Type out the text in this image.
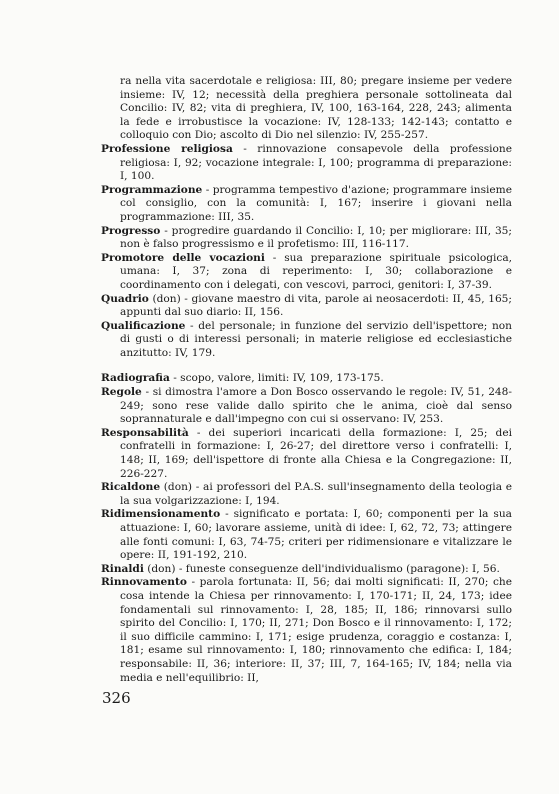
ra nella vita sacerdotale e religiosa: III, 80; pregare insieme per vedere insieme: IV, 12; necessità della preghiera personale sottolineata dal Concilio: IV, 82; vita di preghiera, IV, 100, 163-164, 228, 243; alimenta la fede e irrobustisce la vocazione: IV, 128-133; 142-143; contatto e colloquio con Dio; ascolto di Dio nel silenzio: IV, 255-257.

Professione religiosa - rinnovazione consapevole della professione religiosa: I, 92; vocazione integrale: I, 100; programma di preparazione: I, 100.

Programmazione - programma tempestivo d'azione; programmare insieme col consiglio, con la comunità: I, 167; inserire i giovani nella programmazione: III, 35.

Progresso - progredire guardando il Concilio: I, 10; per migliorare: III, 35; non è falso progressismo e il profetismo: III, 116-117.

Promotore delle vocazioni - sua preparazione spirituale psicologica, umana: I, 37; zona di reperimento: I, 30; collaborazione e coordinamento con i delegati, con vescovi, parroci, genitori: I, 37-39.

Quadrio (don) - giovane maestro di vita, parole ai neosacerdoti: II, 45, 165; appunti dal suo diario: II, 156.

Qualificazione - del personale; in funzione del servizio dell'ispettore; non di gusti o di interessi personali; in materie religiose ed ecclesiastiche anzitutto: IV, 179.

Radiografia - scopo, valore, limiti: IV, 109, 173-175.

Regole - si dimostra l'amore a Don Bosco osservando le regole: IV, 51, 248-249; sono rese valide dallo spirito che le anima, cioè dal senso soprannaturale e dall'impegno con cui si osservano: IV, 253.

Responsabilità - dei superiori incaricati della formazione: I, 25; dei confratelli in formazione: I, 26-27; del direttore verso i confratelli: I, 148; II, 169; dell'ispettore di fronte alla Chiesa e la Congregazione: II, 226-227.

Ricaldone (don) - ai professori del P.A.S. sull'insegnamento della teologia e la sua volgarizzazione: I, 194.

Ridimensionamento - significato e portata: I, 60; componenti per la sua attuazione: I, 60; lavorare assieme, unità di idee: I, 62, 72, 73; attingere alle fonti comuni: I, 63, 74-75; criteri per ridimensionare e vitalizzare le opere: II, 191-192, 210.

Rinaldi (don) - funeste conseguenze dell'individualismo (paragone): I, 56.

Rinnovamento - parola fortunata: II, 56; dai molti significati: II, 270; che cosa intende la Chiesa per rinnovamento: I, 170-171; II, 24, 173; idee fondamentali sul rinnovamento: I, 28, 185; II, 186; rinnovarsi sullo spirito del Concilio: I, 170; II, 271; Don Bosco e il rinnovamento: I, 172; il suo difficile cammino: I, 171; esige prudenza, coraggio e costanza: I, 181; esame sul rinnovamento: I, 180; rinnovamento che edifica: I, 184; responsabile: II, 36; interiore: II, 37; III, 7, 164-165; IV, 184; nella via media e nell'equilibrio: II,

326
